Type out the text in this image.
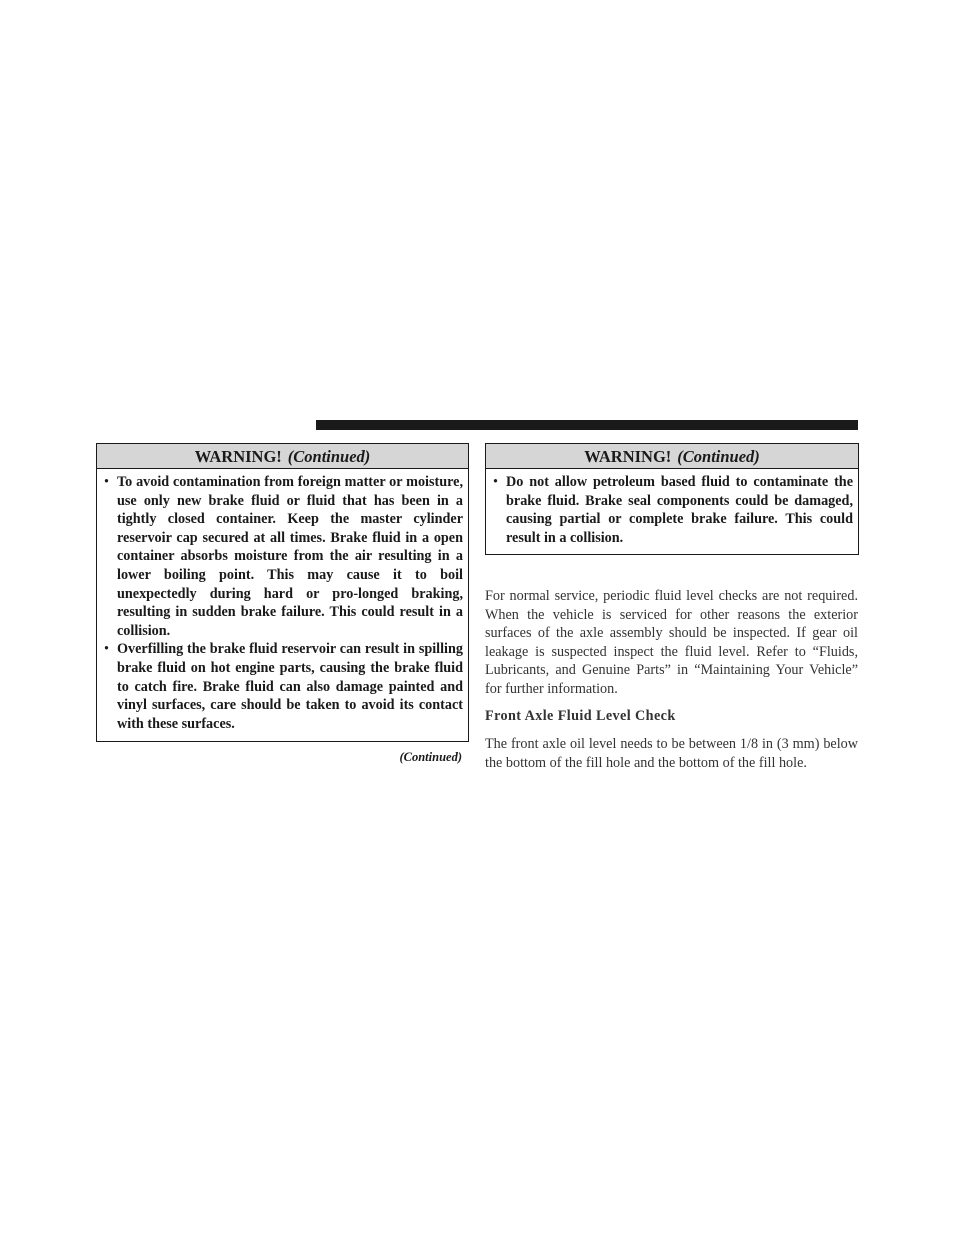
WARNING! (Continued)
• To avoid contamination from foreign matter or moisture, use only new brake fluid or fluid that has been in a tightly closed container. Keep the master cylinder reservoir cap secured at all times. Brake fluid in a open container absorbs moisture from the air resulting in a lower boiling point. This may cause it to boil unexpectedly during hard or pro-longed braking, resulting in sudden brake failure. This could result in a collision.
• Overfilling the brake fluid reservoir can result in spilling brake fluid on hot engine parts, causing the brake fluid to catch fire. Brake fluid can also damage painted and vinyl surfaces, care should be taken to avoid its contact with these surfaces.
(Continued)
WARNING! (Continued)
• Do not allow petroleum based fluid to contaminate the brake fluid. Brake seal components could be damaged, causing partial or complete brake failure. This could result in a collision.

For normal service, periodic fluid level checks are not required. When the vehicle is serviced for other reasons the exterior surfaces of the axle assembly should be inspected. If gear oil leakage is suspected inspect the fluid level. Refer to “Fluids, Lubricants, and Genuine Parts” in “Maintaining Your Vehicle” for further information.

Front Axle Fluid Level Check

The front axle oil level needs to be between 1/8 in (3 mm) below the bottom of the fill hole and the bottom of the fill hole.
